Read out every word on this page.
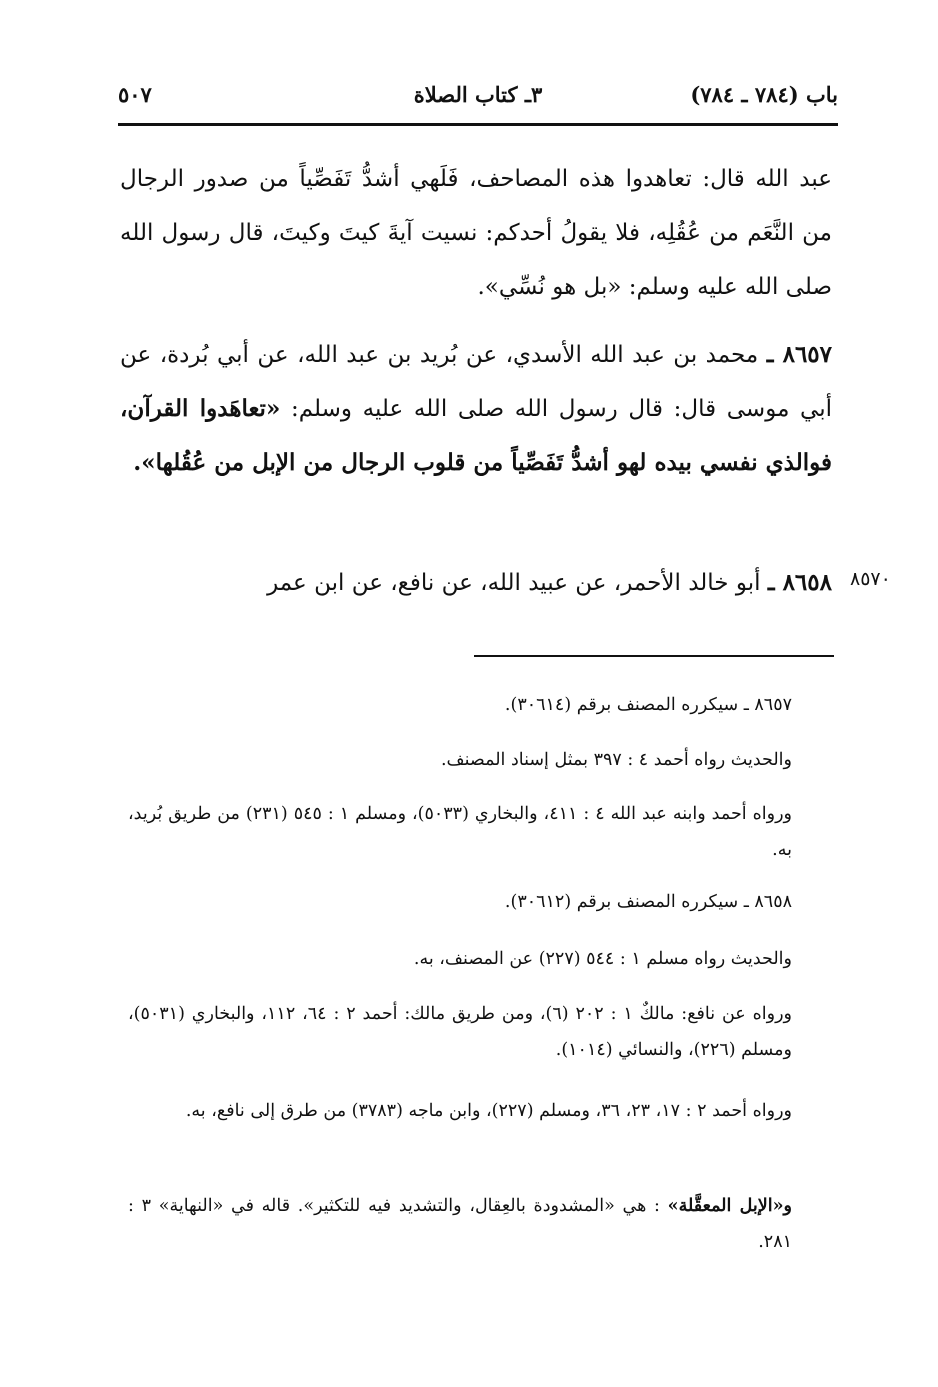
باب (٧٨٤ ـ ٧٨٤)
٣ـ كتاب الصلاة
٥٠٧
عبد الله قال: تعاهدوا هذه المصاحف، فَلَهي أشدُّ تَفَصِّياً من صدور الرجال من النَّعَم من عُقُلِه، فلا يقولُ أحدكم: نسيت آيةَ كيتَ وكيتَ، قال رسول الله صلى الله عليه وسلم: «بل هو نُسِّي».
٨٦٥٧ ـ محمد بن عبد الله الأسدي، عن بُريد بن عبد الله، عن أبي بُردة، عن أبي موسى قال: قال رسول الله صلى الله عليه وسلم: «تعاهَدوا القرآن، فوالذي نفسي بيده لهو أشدُّ تَفَصِّياً من قلوب الرجال من الإبل من عُقُلها».
٨٦٥٨ ـ أبو خالد الأحمر، عن عبيد الله، عن نافع، عن ابن عمر	٨٥٧٠
٨٦٥٧ ـ سيكرره المصنف برقم (٣٠٦١٤).
والحديث رواه أحمد ٤ : ٣٩٧ بمثل إسناد المصنف.
ورواه أحمد وابنه عبد الله ٤ : ٤١١، والبخاري (٥٠٣٣)، ومسلم ١ : ٥٤٥ (٢٣١) من طريق بُريد، به.
٨٦٥٨ ـ سيكرره المصنف برقم (٣٠٦١٢).
والحديث رواه مسلم ١ : ٥٤٤ (٢٢٧) عن المصنف، به.
ورواه عن نافع: مالكٌ ١ : ٢٠٢ (٦)، ومن طريق مالك: أحمد ٢ : ٦٤، ١١٢، والبخاري (٥٠٣١)، ومسلم (٢٢٦)، والنسائي (١٠١٤).
ورواه أحمد ٢ : ١٧، ٢٣، ٣٦، ومسلم (٢٢٧)، وابن ماجه (٣٧٨٣) من طرق إلى نافع، به.
و«الإبل المعقَّلة» : هي «المشدودة بالعِقال، والتشديد فيه للتكثير». قاله في «النهاية» ٣ : ٢٨١.
